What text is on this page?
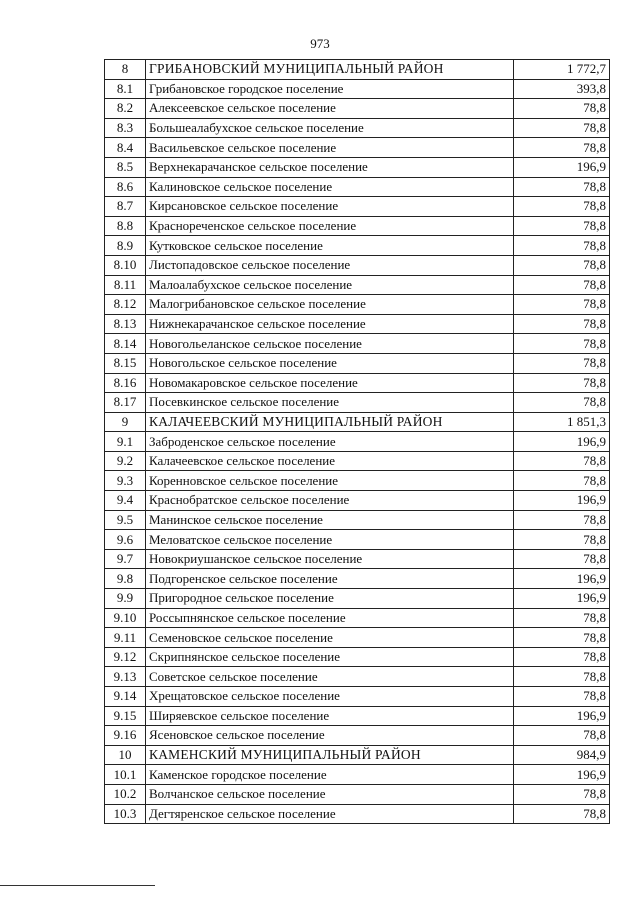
973
8	ГРИБАНОВСКИЙ МУНИЦИПАЛЬНЫЙ РАЙОН	1 772,7
8.1	Грибановское городское поселение	393,8
8.2	Алексеевское сельское поселение	78,8
8.3	Большеалабухское сельское поселение	78,8
8.4	Васильевское сельское поселение	78,8
8.5	Верхнекарачанское сельское поселение	196,9
8.6	Калиновское сельское поселение	78,8
8.7	Кирсановское сельское поселение	78,8
8.8	Краснореченское сельское поселение	78,8
8.9	Кутковское сельское поселение	78,8
8.10	Листопадовское сельское поселение	78,8
8.11	Малоалабухское сельское поселение	78,8
8.12	Малогрибановское сельское поселение	78,8
8.13	Нижнекарачанское сельское поселение	78,8
8.14	Новогольеланское сельское поселение	78,8
8.15	Новогольское сельское поселение	78,8
8.16	Новомакаровское сельское поселение	78,8
8.17	Посевкинское сельское поселение	78,8
9	КАЛАЧЕЕВСКИЙ МУНИЦИПАЛЬНЫЙ РАЙОН	1 851,3
9.1	Заброденское сельское поселение	196,9
9.2	Калачеевское сельское поселение	78,8
9.3	Коренновское сельское поселение	78,8
9.4	Краснобратское сельское поселение	196,9
9.5	Манинское сельское поселение	78,8
9.6	Меловатское сельское поселение	78,8
9.7	Новокриушанское сельское поселение	78,8
9.8	Подгоренское сельское поселение	196,9
9.9	Пригородное сельское поселение	196,9
9.10	Россыпнянское сельское поселение	78,8
9.11	Семеновское сельское поселение	78,8
9.12	Скрипнянское сельское поселение	78,8
9.13	Советское сельское поселение	78,8
9.14	Хрещатовское сельское поселение	78,8
9.15	Ширяевское сельское поселение	196,9
9.16	Ясеновское сельское поселение	78,8
10	КАМЕНСКИЙ МУНИЦИПАЛЬНЫЙ РАЙОН	984,9
10.1	Каменское городское поселение	196,9
10.2	Волчанское сельское поселение	78,8
10.3	Дегтяренское сельское поселение	78,8
